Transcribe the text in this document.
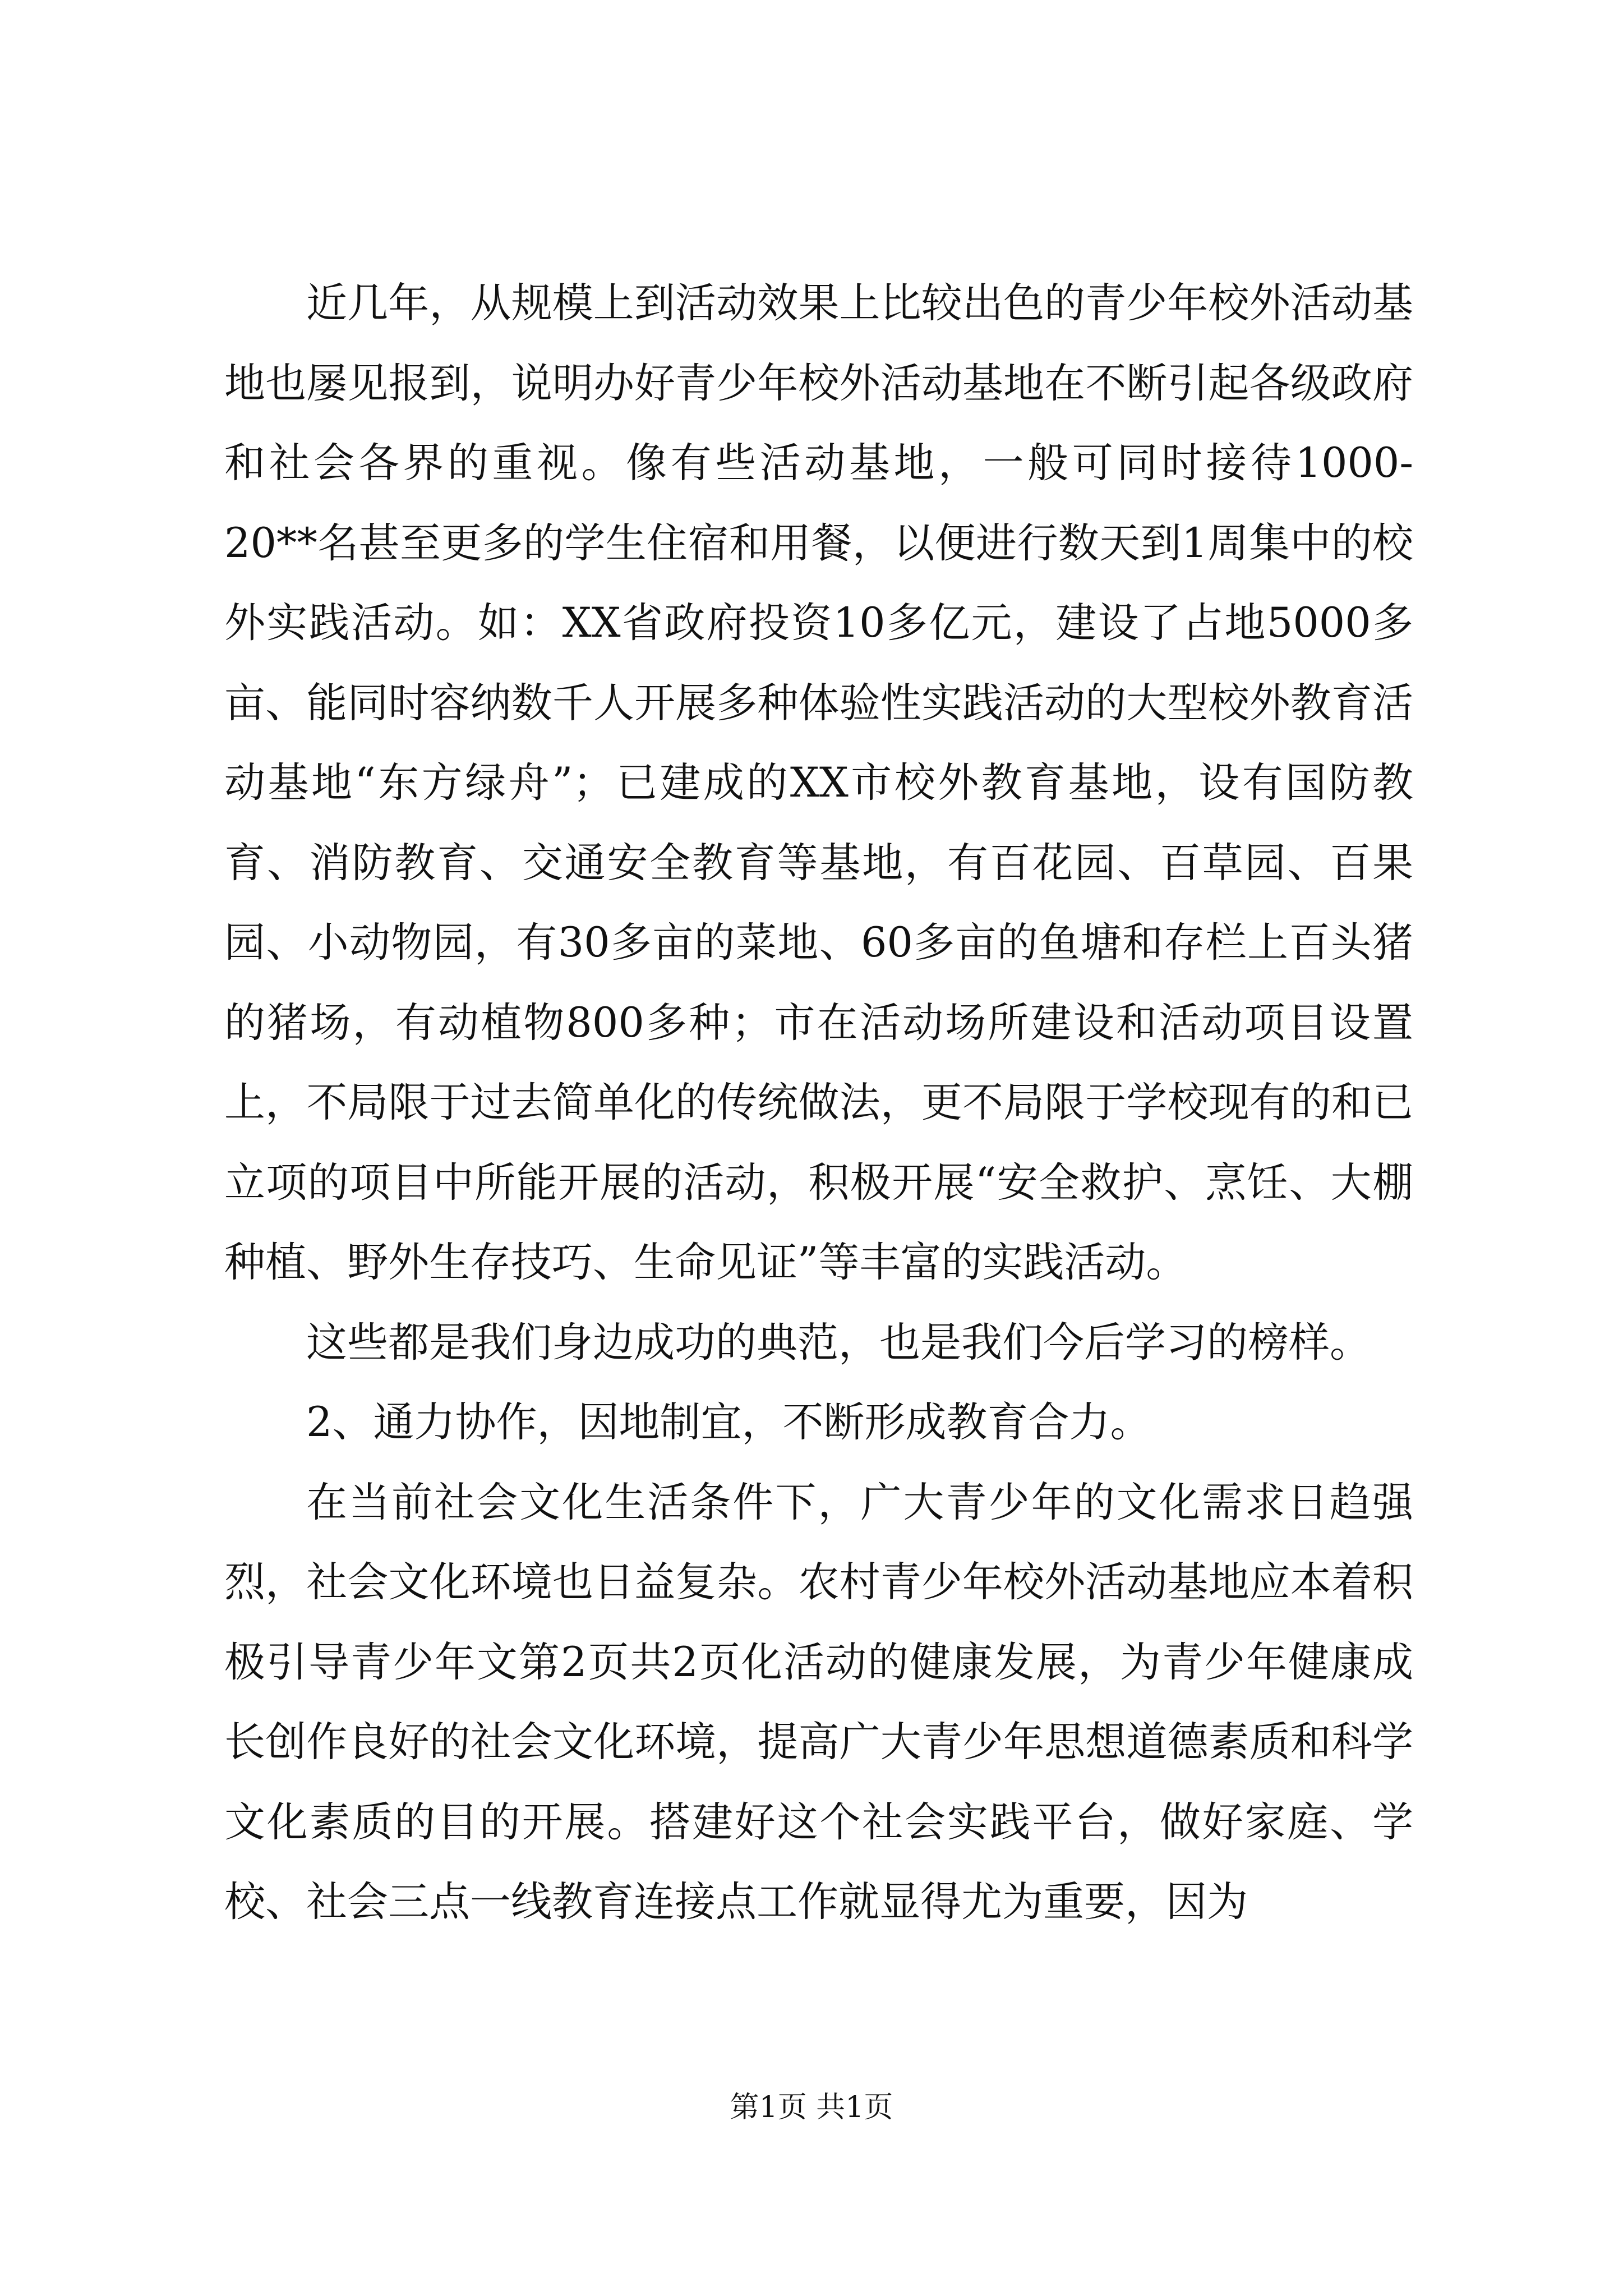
近几年，从规模上到活动效果上比较出色的青少年校外活动基地也屡见报到，说明办好青少年校外活动基地在不断引起各级政府和社会各界的重视。像有些活动基地，一般可同时接待1000-20**名甚至更多的学生住宿和用餐，以便进行数天到1周集中的校外实践活动。如：XX省政府投资10多亿元，建设了占地5000多亩、能同时容纳数千人开展多种体验性实践活动的大型校外教育活动基地“东方绿舟”；已建成的XX市校外教育基地，设有国防教育、消防教育、交通安全教育等基地，有百花园、百草园、百果园、小动物园，有30多亩的菜地、60多亩的鱼塘和存栏上百头猪的猪场，有动植物800多种；市在活动场所建设和活动项目设置上，不局限于过去简单化的传统做法，更不局限于学校现有的和已立项的项目中所能开展的活动，积极开展“安全救护、烹饪、大棚种植、野外生存技巧、生命见证”等丰富的实践活动。

这些都是我们身边成功的典范，也是我们今后学习的榜样。

2、通力协作，因地制宜，不断形成教育合力。

在当前社会文化生活条件下，广大青少年的文化需求日趋强烈，社会文化环境也日益复杂。农村青少年校外活动基地应本着积极引导青少年文第2页共2页化活动的健康发展，为青少年健康成长创作良好的社会文化环境，提高广大青少年思想道德素质和科学文化素质的目的开展。搭建好这个社会实践平台，做好家庭、学校、社会三点一线教育连接点工作就显得尤为重要，因为

第1页 共1页
